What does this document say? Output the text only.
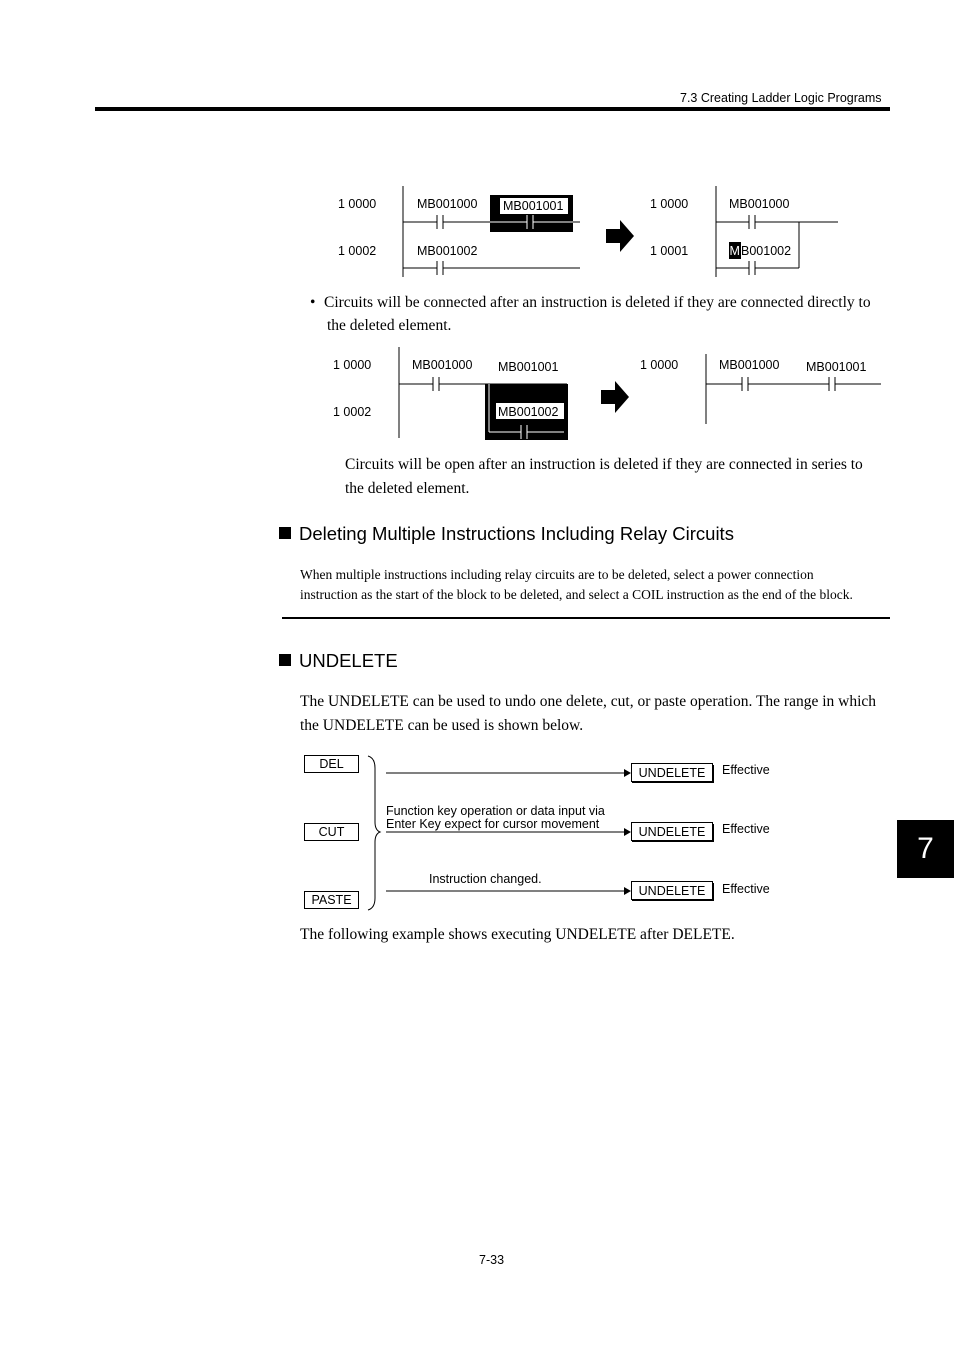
7.3 Creating Ladder Logic Programs
1 0000
1 0002
MB001000 MB001001
MB001002
1 0000
1 0001
MB001000
M B001002
1 0000
1 0002
MB001000 MB001001
MB001002
1 0000	MB001000 MB001001
DEL
CUT
PASTE
Function key operation or data input via
Enter Key expect for cursor movement
Instruction changed.
UNDELETE
UNDELETE
UNDELETE
Effective
Effective
Effective
• Circuits will be connected after an instruction is deleted if they are connected directly to
the deleted element.
Circuits will be open after an instruction is deleted if they are connected in series to
the deleted element.
Deleting Multiple Instructions Including Relay Circuits
When multiple instructions including relay circuits are to be deleted, select a power connection
instruction as the start of the block to be deleted, and select a COIL instruction as the end of the block.
UNDELETE
The UNDELETE can be used to undo one delete, cut, or paste operation. The range in which
the UNDELETE can be used is shown below.
The following example shows executing UNDELETE after DELETE.
7
7-33
